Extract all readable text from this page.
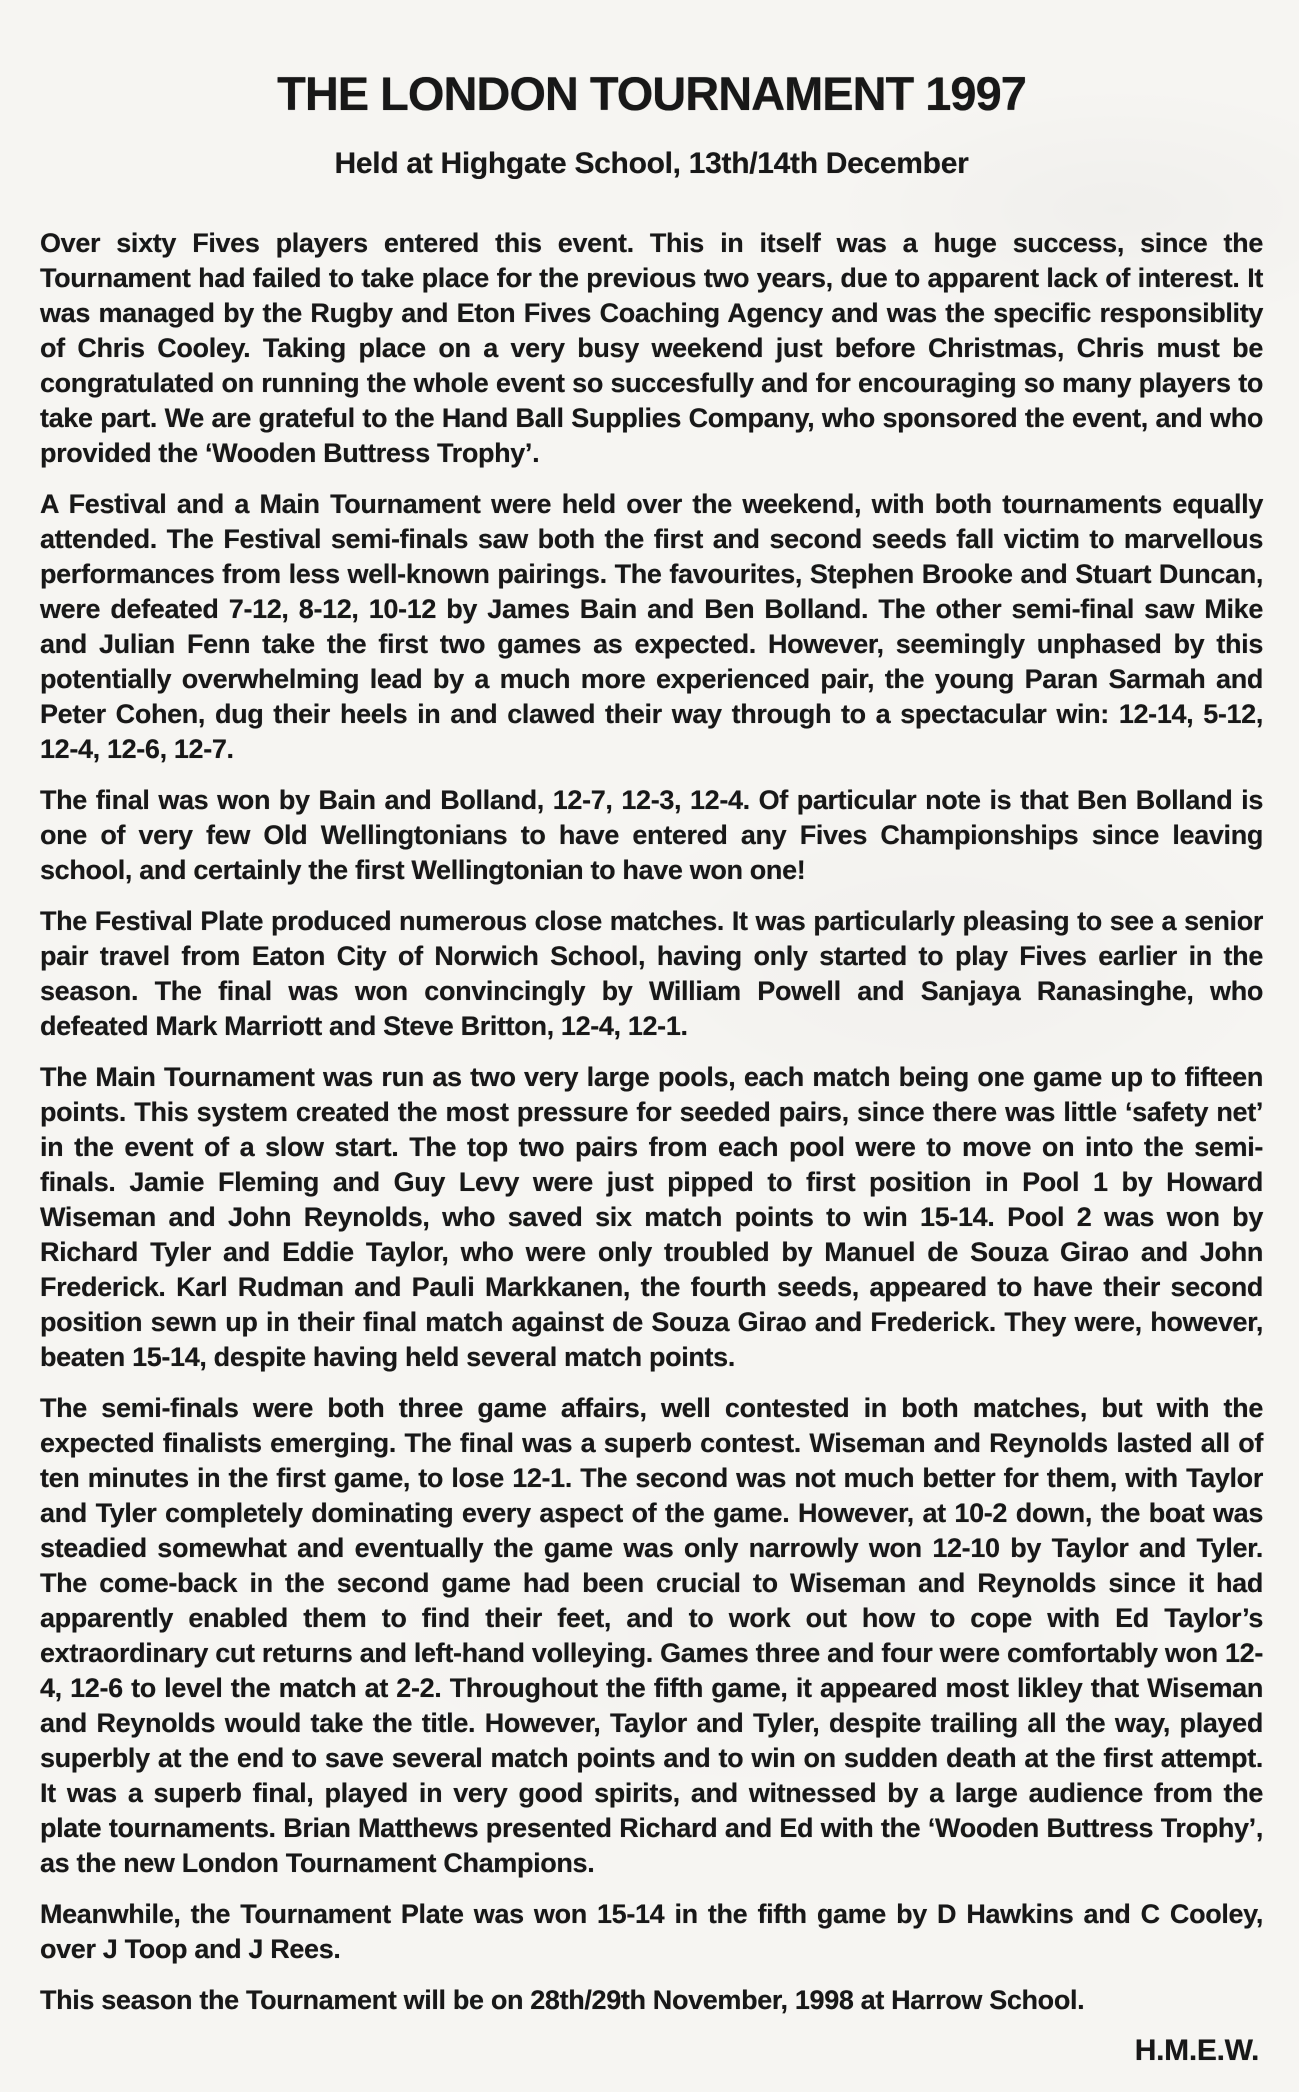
THE LONDON TOURNAMENT 1997
Held at Highgate School, 13th/14th December

Over sixty Fives players entered this event. This in itself was a huge success, since the Tournament had failed to take place for the previous two years, due to apparent lack of interest. It was managed by the Rugby and Eton Fives Coaching Agency and was the specific responsiblity of Chris Cooley. Taking place on a very busy weekend just before Christmas, Chris must be congratulated on running the whole event so succesfully and for encouraging so many players to take part. We are grateful to the Hand Ball Supplies Company, who sponsored the event, and who provided the ‘Wooden Buttress Trophy’.

A Festival and a Main Tournament were held over the weekend, with both tournaments equally attended. The Festival semi-finals saw both the first and second seeds fall victim to marvellous performances from less well-known pairings. The favourites, Stephen Brooke and Stuart Duncan, were defeated 7-12, 8-12, 10-12 by James Bain and Ben Bolland. The other semi-final saw Mike and Julian Fenn take the first two games as expected. However, seemingly unphased by this potentially overwhelming lead by a much more experienced pair, the young Paran Sarmah and Peter Cohen, dug their heels in and clawed their way through to a spectacular win: 12-14, 5-12, 12-4, 12-6, 12-7.

The final was won by Bain and Bolland, 12-7, 12-3, 12-4. Of particular note is that Ben Bolland is one of very few Old Wellingtonians to have entered any Fives Championships since leaving school, and certainly the first Wellingtonian to have won one!

The Festival Plate produced numerous close matches. It was particularly pleasing to see a senior pair travel from Eaton City of Norwich School, having only started to play Fives earlier in the season. The final was won convincingly by William Powell and Sanjaya Ranasinghe, who defeated Mark Marriott and Steve Britton, 12-4, 12-1.

The Main Tournament was run as two very large pools, each match being one game up to fifteen points. This system created the most pressure for seeded pairs, since there was little ‘safety net’ in the event of a slow start. The top two pairs from each pool were to move on into the semi-finals. Jamie Fleming and Guy Levy were just pipped to first position in Pool 1 by Howard Wiseman and John Reynolds, who saved six match points to win 15-14. Pool 2 was won by Richard Tyler and Eddie Taylor, who were only troubled by Manuel de Souza Girao and John Frederick. Karl Rudman and Pauli Markkanen, the fourth seeds, appeared to have their second position sewn up in their final match against de Souza Girao and Frederick. They were, however, beaten 15-14, despite having held several match points.

The semi-finals were both three game affairs, well contested in both matches, but with the expected finalists emerging. The final was a superb contest. Wiseman and Reynolds lasted all of ten minutes in the first game, to lose 12-1. The second was not much better for them, with Taylor and Tyler completely dominating every aspect of the game. However, at 10-2 down, the boat was steadied somewhat and eventually the game was only narrowly won 12-10 by Taylor and Tyler. The come-back in the second game had been crucial to Wiseman and Reynolds since it had apparently enabled them to find their feet, and to work out how to cope with Ed Taylor’s extraordinary cut returns and left-hand volleying. Games three and four were comfortably won 12-4, 12-6 to level the match at 2-2. Throughout the fifth game, it appeared most likley that Wiseman and Reynolds would take the title. However, Taylor and Tyler, despite trailing all the way, played superbly at the end to save several match points and to win on sudden death at the first attempt. It was a superb final, played in very good spirits, and witnessed by a large audience from the plate tournaments. Brian Matthews presented Richard and Ed with the ‘Wooden Buttress Trophy’, as the new London Tournament Champions.

Meanwhile, the Tournament Plate was won 15-14 in the fifth game by D Hawkins and C Cooley, over J Toop and J Rees.

This season the Tournament will be on 28th/29th November, 1998 at Harrow School.

H.M.E.W.
